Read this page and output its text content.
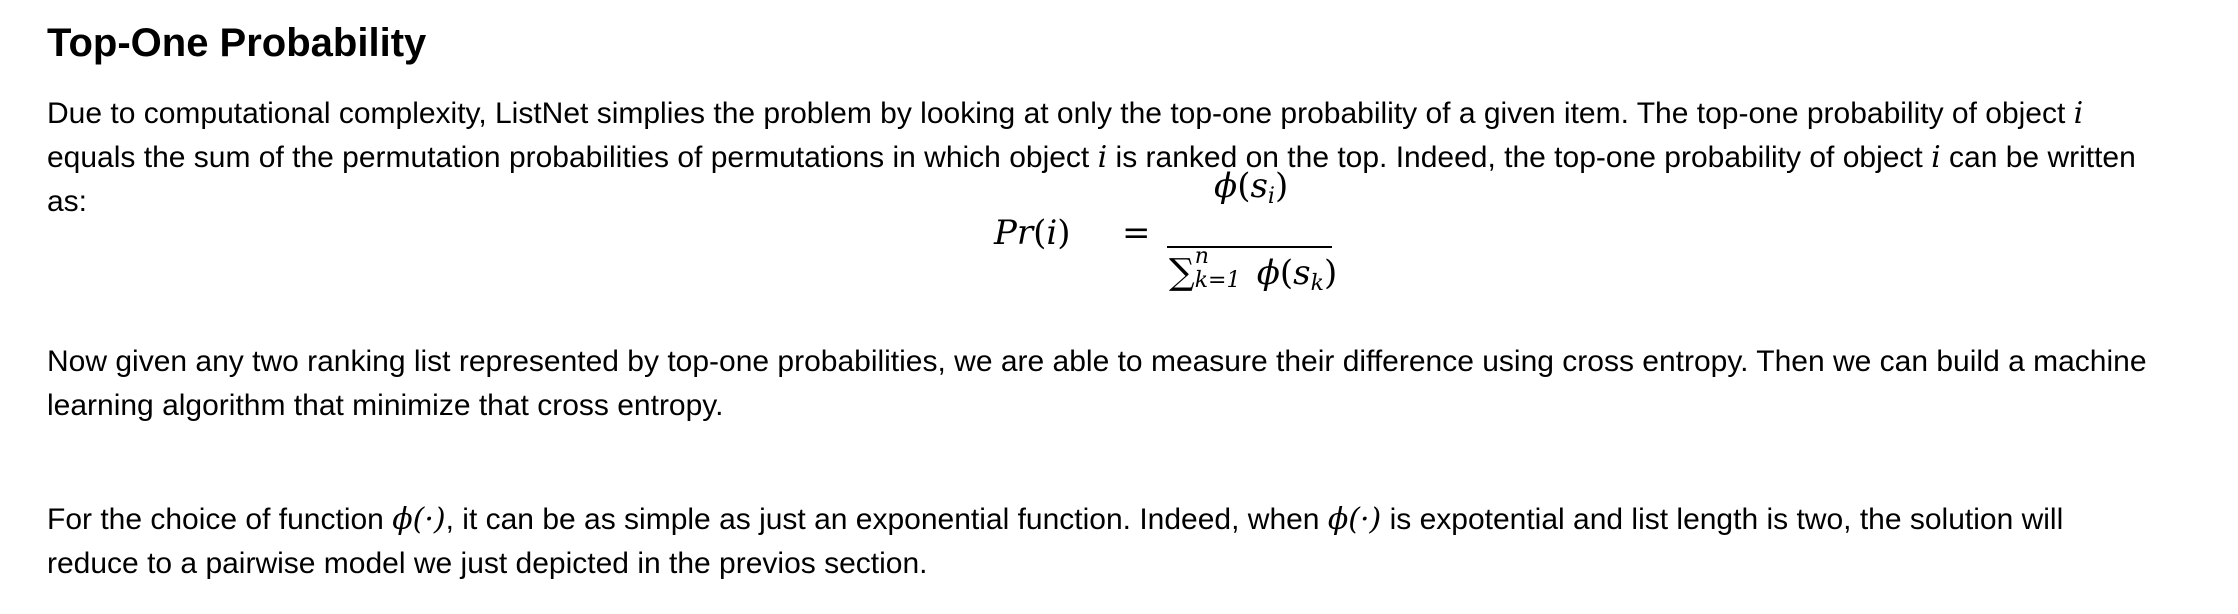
Top-One Probability

Due to computational complexity, ListNet simplies the problem by looking at only the top-one probability of a given item. The top-one probability of object i
equals the sum of the permutation probabilities of permutations in which object i is ranked on the top. Indeed, the top-one probability of object i can be written
as:

Pr(i) =
$\phi(s_i)$
∑ n
k=1 $\phi(s_k)$

Now given any two ranking list represented by top-one probabilities, we are able to measure their difference using cross entropy. Then we can build a machine
learning algorithm that minimize that cross entropy.

For the choice of function ϕ(·), it can be as simple as just an exponential function. Indeed, when ϕ(·) is expotential and list length is two, the solution will
reduce to a pairwise model we just depicted in the previos section.
